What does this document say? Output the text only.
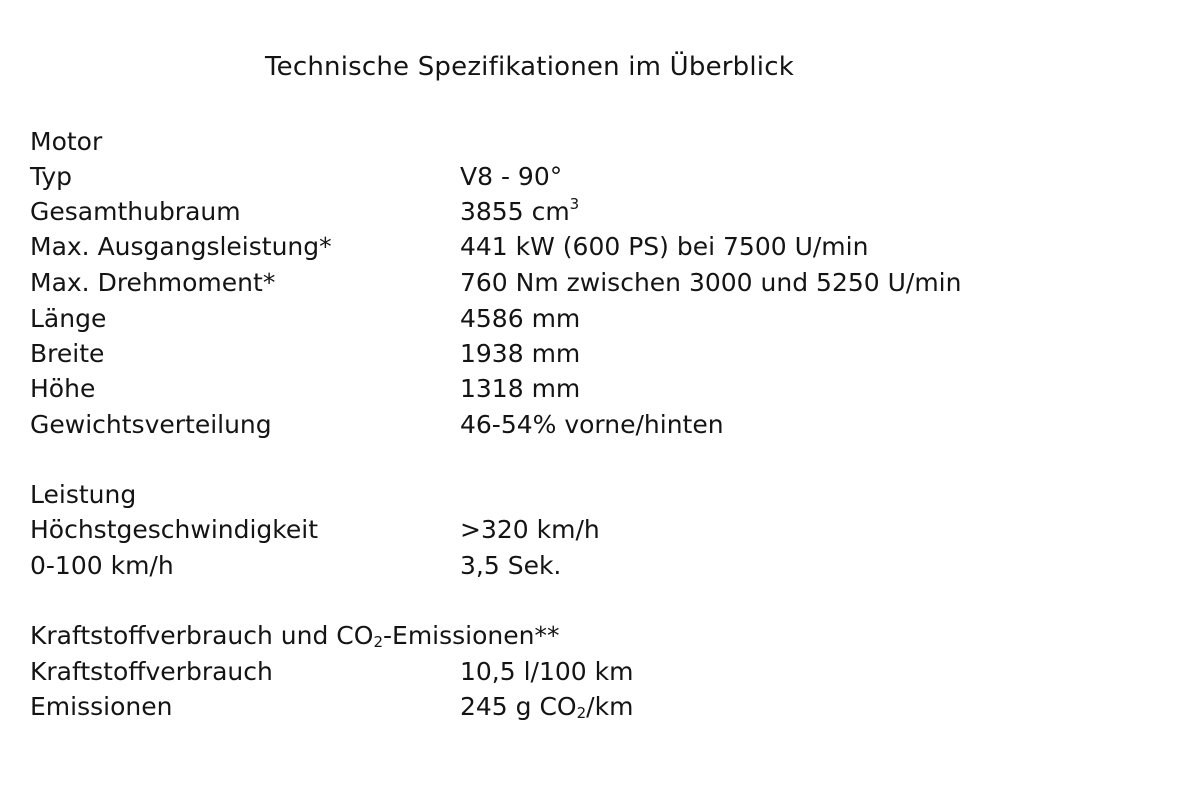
Technische Spezifikationen im Überblick
Motor
Typ	V8 - 90°
Gesamthubraum	3855 $cm^3$
Max. Ausgangsleistung*	441 kW (600 PS) bei 7500 U/min
Max. Drehmoment*	760 Nm zwischen 3000 und 5250 U/min
Länge	4586 mm
Breite	1938 mm
Höhe	1318 mm
Gewichtsverteilung	46-54% vorne/hinten
Leistung
Höchstgeschwindigkeit	>320 km/h
0-100 km/h	3,5 Sek.
Kraftstoffverbrauch und $CO_2-Emissionen**$
Kraftstoffverbrauch	10,5 l/100 km
Emissionen	245 g $CO_2/km$
